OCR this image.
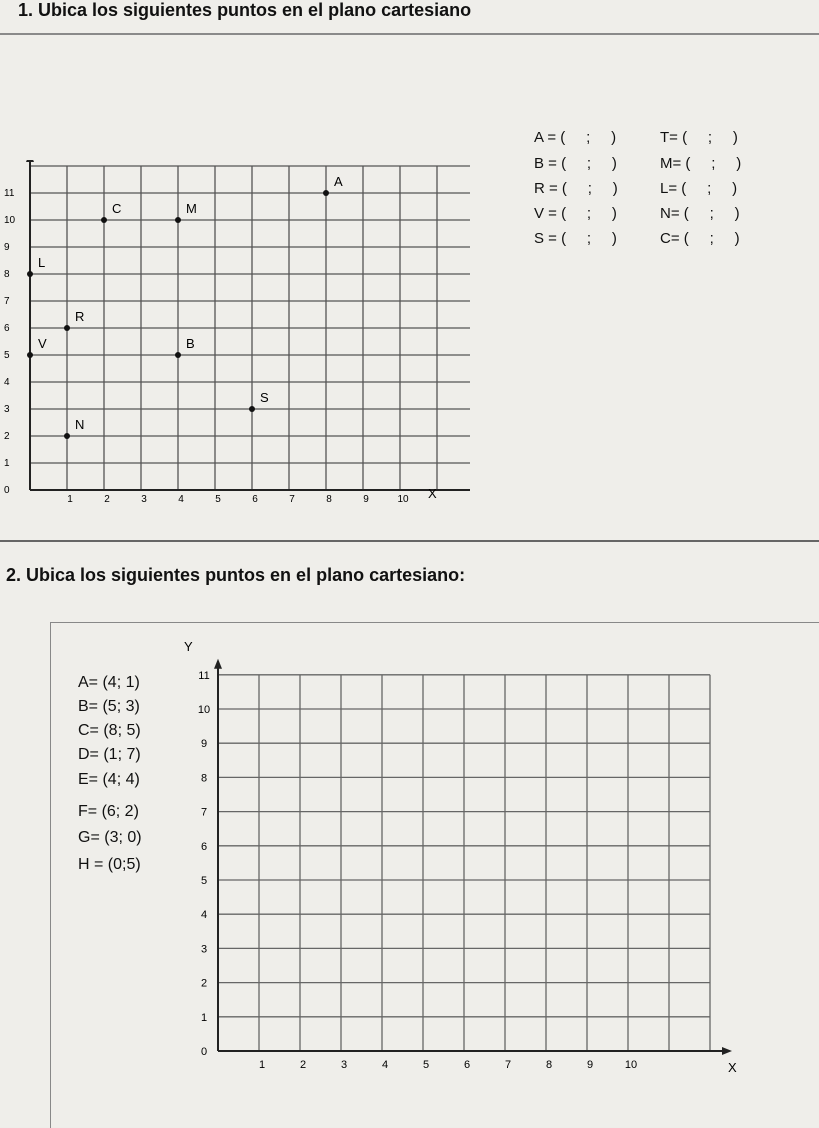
1. Ubica los siguientes puntos en el plano cartesiano
A = (     ;     )
B = (     ;     )
R = (     ;     )
V = (     ;     )
S = (     ;     )
T= (     ;     )
M= (     ;     )
L= (     ;     )
N= (     ;     )
C= (     ;     )
1	2	3	4	5	6	7	8	9	10
0
1
2
3
4
5
6
7
8
9
10
11
A
C	M
L
R
B
V
S
N
X
2. Ubica los siguientes puntos en el plano cartesiano:
A= (4; 1)
B= (5; 3)
C= (8; 5)
D= (1; 7)
E= (4; 4)
F= (6; 2)
G= (3; 0)
H = (0;5)
1	2	3	4	5	6	7	8	9	10
0
1
2
3
4
5
6
7
8
9
10
11
Y
X
